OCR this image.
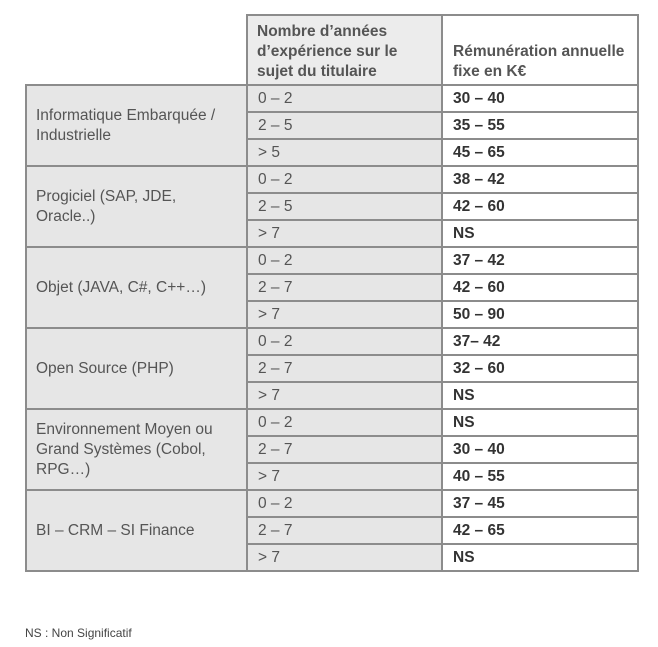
	Nombre d’années d’expérience sur le sujet du titulaire	Rémunération annuelle fixe en K€
Informatique Embarquée / Industrielle	0 – 2	30 – 40
	2 – 5	35 – 55
	> 5	45 – 65
Progiciel (SAP, JDE, Oracle..)	0 – 2	38 – 42
	2 – 5	42 – 60
	> 7	NS
Objet (JAVA, C#, C++…)	0 – 2	37 – 42
	2 – 7	42 – 60
	> 7	50 – 90
Open Source (PHP)	0 – 2	37– 42
	2 – 7	32 – 60
	> 7	NS
Environnement Moyen ou Grand Systèmes (Cobol, RPG…)	0 – 2	NS
	2 – 7	30 – 40
	> 7	40 – 55
BI – CRM – SI Finance	0 – 2	37 – 45
	2 – 7	42 – 65
	> 7	NS
NS : Non Significatif
